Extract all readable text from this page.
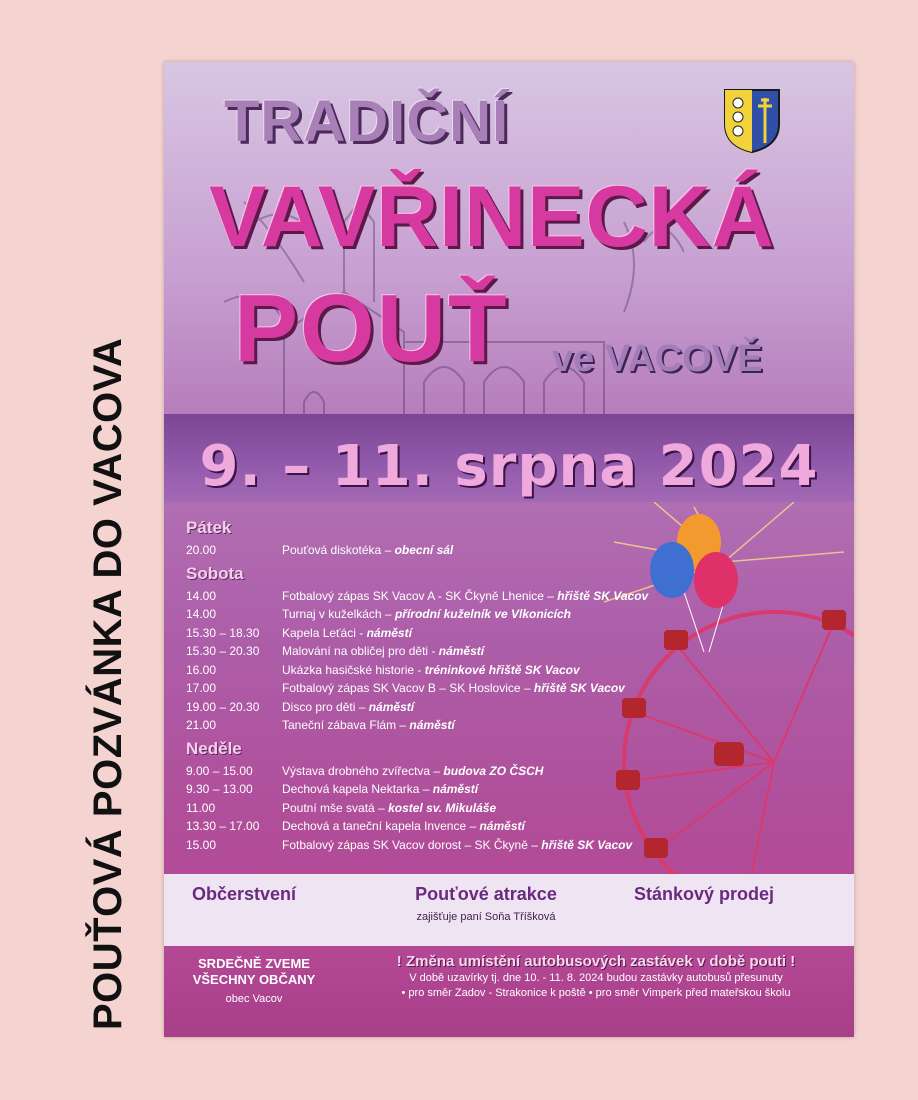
POUŤOVÁ POZVÁNKA DO VACOVA
TRADIČNÍ
VAVŘINECKÁ
POUŤ ve VACOVĚ
9. – 11. srpna 2024
Pátek
20.00	Pouťová diskotéka – obecní sál
Sobota
14.00	Fotbalový zápas SK Vacov A - SK Čkyně Lhenice – hřiště SK Vacov
14.00	Turnaj v kuželkách – přírodní kuželník ve Vlkonicích
15.30 – 18.30	Kapela Leťáci - náměstí
15.30 – 20.30	Malování na obličej pro děti - náměstí
16.00	Ukázka hasičské historie - tréninkové hřiště SK Vacov
17.00	Fotbalový zápas SK Vacov B – SK Hoslovice – hřiště SK Vacov
19.00 – 20.30	Disco pro děti – náměstí
21.00	Taneční zábava Flám – náměstí
Neděle
9.00 – 15.00	Výstava drobného zvířectva – budova ZO ČSCH
9.30 – 13.00	Dechová kapela Nektarka – náměstí
11.00	Poutní mše svatá – kostel sv. Mikuláše
13.30 – 17.00	Dechová a taneční kapela Invence – náměstí
15.00	Fotbalový zápas SK Vacov dorost – SK Čkyně – hřiště SK Vacov
Občerstvení	Pouťové atrakce
zajišťuje paní Soňa Tříšková
Stánkový prodej
SRDEČNĚ ZVEME
VŠECHNY OBČANY
obec Vacov
! Změna umístění autobusových zastávek v době pouti !
V době uzavírky tj. dne 10. - 11. 8. 2024 budou zastávky autobusů přesunuty
• pro směr Zadov - Strakonice k poště • pro směr Vimperk před mateřskou školu
